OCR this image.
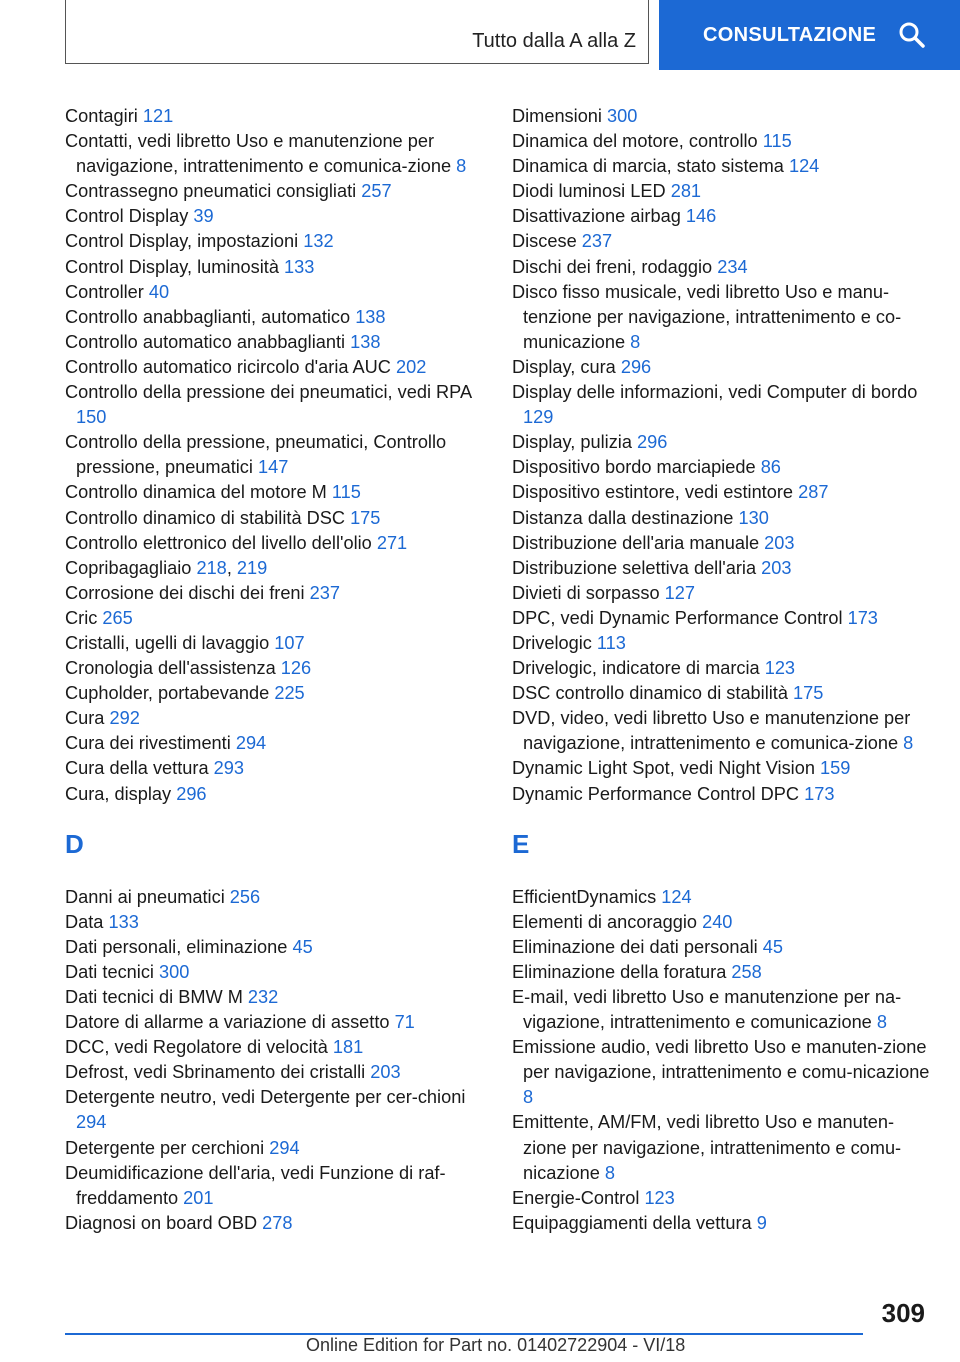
Tutto dalla A alla Z	CONSULTAZIONE
Contagiri 121
Contatti, vedi libretto Uso e manutenzione per navigazione, intrattenimento e comunica-zione 8
Contrassegno pneumatici consigliati 257
Control Display 39
Control Display, impostazioni 132
Control Display, luminosità 133
Controller 40
Controllo anabbaglianti, automatico 138
Controllo automatico anabbaglianti 138
Controllo automatico ricircolo d'aria AUC 202
Controllo della pressione dei pneumatici, vedi RPA 150
Controllo della pressione, pneumatici, Controllo pressione, pneumatici 147
Controllo dinamica del motore M 115
Controllo dinamico di stabilità DSC 175
Controllo elettronico del livello dell'olio 271
Copribagagliaio 218, 219
Corrosione dei dischi dei freni 237
Cric 265
Cristalli, ugelli di lavaggio 107
Cronologia dell'assistenza 126
Cupholder, portabevande 225
Cura 292
Cura dei rivestimenti 294
Cura della vettura 293
Cura, display 296
D
Danni ai pneumatici 256
Data 133
Dati personali, eliminazione 45
Dati tecnici 300
Dati tecnici di BMW M 232
Datore di allarme a variazione di assetto 71
DCC, vedi Regolatore di velocità 181
Defrost, vedi Sbrinamento dei cristalli 203
Detergente neutro, vedi Detergente per cer-chioni 294
Detergente per cerchioni 294
Deumidificazione dell'aria, vedi Funzione di raf-freddamento 201
Diagnosi on board OBD 278
Dimensioni 300
Dinamica del motore, controllo 115
Dinamica di marcia, stato sistema 124
Diodi luminosi LED 281
Disattivazione airbag 146
Discese 237
Dischi dei freni, rodaggio 234
Disco fisso musicale, vedi libretto Uso e manu-tenzione per navigazione, intrattenimento e co-municazione 8
Display, cura 296
Display delle informazioni, vedi Computer di bordo 129
Display, pulizia 296
Dispositivo bordo marciapiede 86
Dispositivo estintore, vedi estintore 287
Distanza dalla destinazione 130
Distribuzione dell'aria manuale 203
Distribuzione selettiva dell'aria 203
Divieti di sorpasso 127
DPC, vedi Dynamic Performance Control 173
Drivelogic 113
Drivelogic, indicatore di marcia 123
DSC controllo dinamico di stabilità 175
DVD, video, vedi libretto Uso e manutenzione per navigazione, intrattenimento e comunica-zione 8
Dynamic Light Spot, vedi Night Vision 159
Dynamic Performance Control DPC 173
E
EfficientDynamics 124
Elementi di ancoraggio 240
Eliminazione dei dati personali 45
Eliminazione della foratura 258
E-mail, vedi libretto Uso e manutenzione per na-vigazione, intrattenimento e comunicazione 8
Emissione audio, vedi libretto Uso e manuten-zione per navigazione, intrattenimento e comu-nicazione 8
Emittente, AM/FM, vedi libretto Uso e manuten-zione per navigazione, intrattenimento e comu-nicazione 8
Energie-Control 123
Equipaggiamenti della vettura 9
309
Online Edition for Part no. 01402722904 - VI/18
